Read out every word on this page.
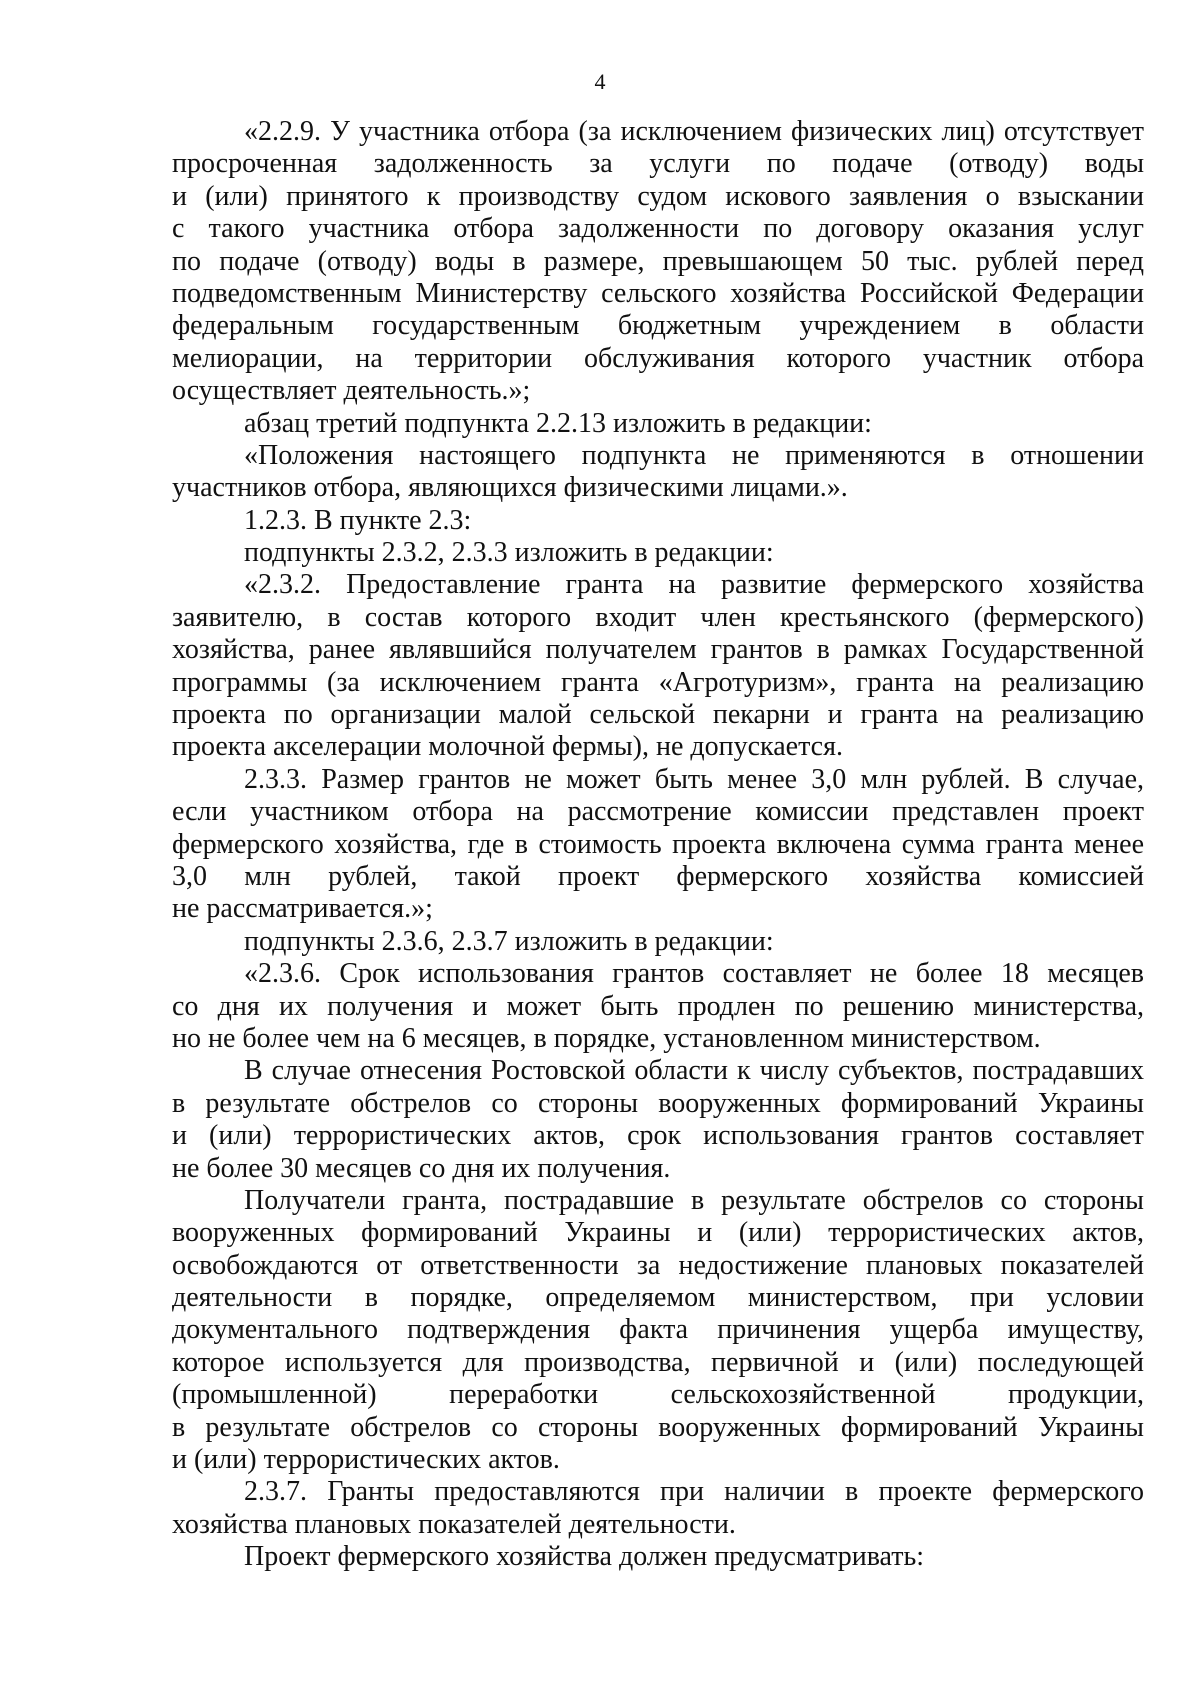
4
«2.2.9. У участника отбора (за исключением физических лиц) отсутствует
просроченная задолженность за услуги по подаче (отводу) воды
и (или) принятого к производству судом искового заявления о взыскании
с такого участника отбора задолженности по договору оказания услуг
по подаче (отводу) воды в размере, превышающем 50 тыс. рублей перед
подведомственным Министерству сельского хозяйства Российской Федерации
федеральным государственным бюджетным учреждением в области
мелиорации, на территории обслуживания которого участник отбора
осуществляет деятельность.»;
абзац третий подпункта 2.2.13 изложить в редакции:
«Положения настоящего подпункта не применяются в отношении
участников отбора, являющихся физическими лицами.».
1.2.3. В пункте 2.3:
подпункты 2.3.2, 2.3.3 изложить в редакции:
«2.3.2. Предоставление гранта на развитие фермерского хозяйства
заявителю, в состав которого входит член крестьянского (фермерского)
хозяйства, ранее являвшийся получателем грантов в рамках Государственной
программы (за исключением гранта «Агротуризм», гранта на реализацию
проекта по организации малой сельской пекарни и гранта на реализацию
проекта акселерации молочной фермы), не допускается.
2.3.3. Размер грантов не может быть менее 3,0 млн рублей. В случае,
если участником отбора на рассмотрение комиссии представлен проект
фермерского хозяйства, где в стоимость проекта включена сумма гранта менее
3,0 млн рублей, такой проект фермерского хозяйства комиссией
не рассматривается.»;
подпункты 2.3.6, 2.3.7 изложить в редакции:
«2.3.6. Срок использования грантов составляет не более 18 месяцев
со дня их получения и может быть продлен по решению министерства,
но не более чем на 6 месяцев, в порядке, установленном министерством.
В случае отнесения Ростовской области к числу субъектов, пострадавших
в результате обстрелов со стороны вооруженных формирований Украины
и (или) террористических актов, срок использования грантов составляет
не более 30 месяцев со дня их получения.
Получатели гранта, пострадавшие в результате обстрелов со стороны
вооруженных формирований Украины и (или) террористических актов,
освобождаются от ответственности за недостижение плановых показателей
деятельности в порядке, определяемом министерством, при условии
документального подтверждения факта причинения ущерба имуществу,
которое используется для производства, первичной и (или) последующей
(промышленной) переработки сельскохозяйственной продукции,
в результате обстрелов со стороны вооруженных формирований Украины
и (или) террористических актов.
2.3.7. Гранты предоставляются при наличии в проекте фермерского
хозяйства плановых показателей деятельности.
Проект фермерского хозяйства должен предусматривать:
